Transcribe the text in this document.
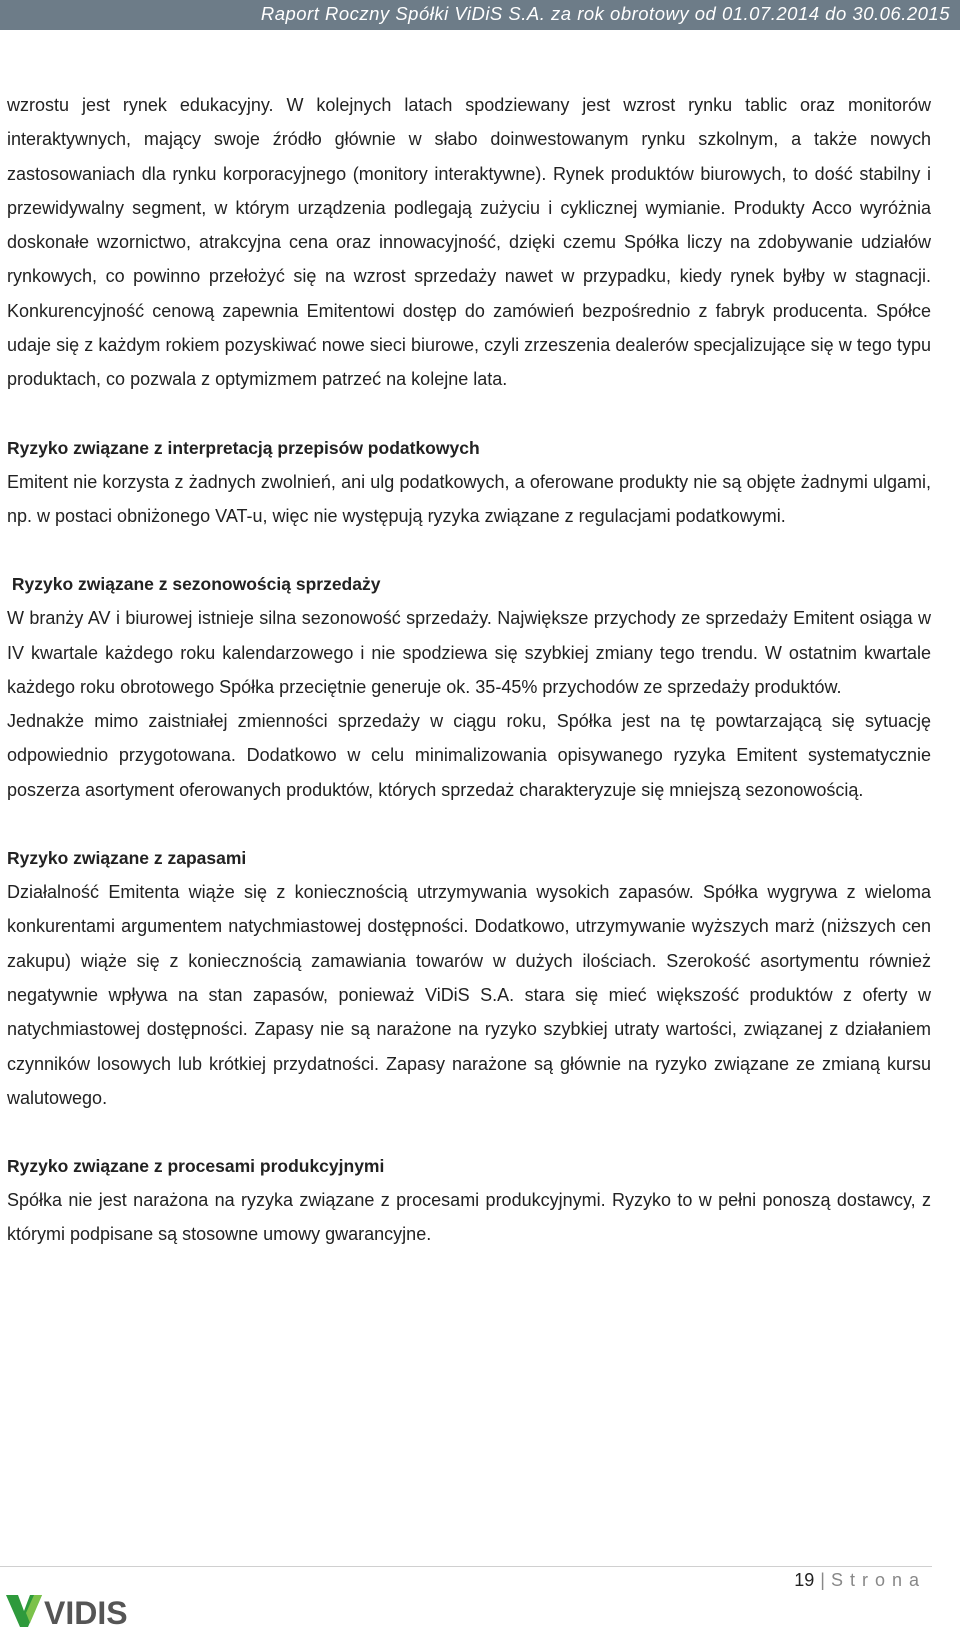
Raport Roczny Spółki ViDiS S.A. za rok obrotowy od 01.07.2014 do 30.06.2015

wzrostu jest rynek edukacyjny. W kolejnych latach spodziewany jest wzrost rynku tablic oraz monitorów interaktywnych, mający swoje źródło głównie w słabo doinwestowanym rynku szkolnym, a także nowych zastosowaniach dla rynku korporacyjnego (monitory interaktywne). Rynek produktów biurowych, to dość stabilny i przewidywalny segment, w którym urządzenia podlegają zużyciu i cyklicznej wymianie. Produkty Acco wyróżnia doskonałe wzornictwo, atrakcyjna cena oraz innowacyjność, dzięki czemu Spółka liczy na zdobywanie udziałów rynkowych, co powinno przełożyć się na wzrost sprzedaży nawet w przypadku, kiedy rynek byłby w stagnacji. Konkurencyjność cenową zapewnia Emitentowi dostęp do zamówień bezpośrednio z fabryk producenta. Spółce udaje się z każdym rokiem pozyskiwać nowe sieci biurowe, czyli zrzeszenia dealerów specjalizujące się w tego typu produktach, co pozwala z optymizmem patrzeć na kolejne lata.

Ryzyko związane z interpretacją przepisów podatkowych

Emitent nie korzysta z żadnych zwolnień, ani ulg podatkowych, a oferowane produkty nie są objęte żadnymi ulgami, np. w postaci obniżonego VAT-u, więc nie występują ryzyka związane z regulacjami podatkowymi.

Ryzyko związane z sezonowością sprzedaży

W branży AV i biurowej istnieje silna sezonowość sprzedaży. Największe przychody ze sprzedaży Emitent osiąga w IV kwartale każdego roku kalendarzowego i nie spodziewa się szybkiej zmiany tego trendu. W ostatnim kwartale każdego roku obrotowego Spółka przeciętnie generuje ok. 35-45% przychodów ze sprzedaży produktów.

Jednakże mimo zaistniałej zmienności sprzedaży w ciągu roku, Spółka jest na tę powtarzającą się sytuację odpowiednio przygotowana. Dodatkowo w celu minimalizowania opisywanego ryzyka Emitent systematycznie poszerza asortyment oferowanych produktów, których sprzedaż charakteryzuje się mniejszą sezonowością.

Ryzyko związane z zapasami

Działalność Emitenta wiąże się z koniecznością utrzymywania wysokich zapasów. Spółka wygrywa z wieloma konkurentami argumentem natychmiastowej dostępności. Dodatkowo, utrzymywanie wyższych marż (niższych cen zakupu) wiąże się z koniecznością zamawiania towarów w dużych ilościach. Szerokość asortymentu również negatywnie wpływa na stan zapasów, ponieważ ViDiS S.A. stara się mieć większość produktów z oferty w natychmiastowej dostępności. Zapasy nie są narażone na ryzyko szybkiej utraty wartości, związanej z działaniem czynników losowych lub krótkiej przydatności. Zapasy narażone są głównie na ryzyko związane ze zmianą kursu walutowego.

Ryzyko związane z procesami produkcyjnymi

Spółka nie jest narażona na ryzyka związane z procesami produkcyjnymi. Ryzyko to w pełni ponoszą dostawcy, z którymi podpisane są stosowne umowy gwarancyjne.

19 | Strona
VIDIS
